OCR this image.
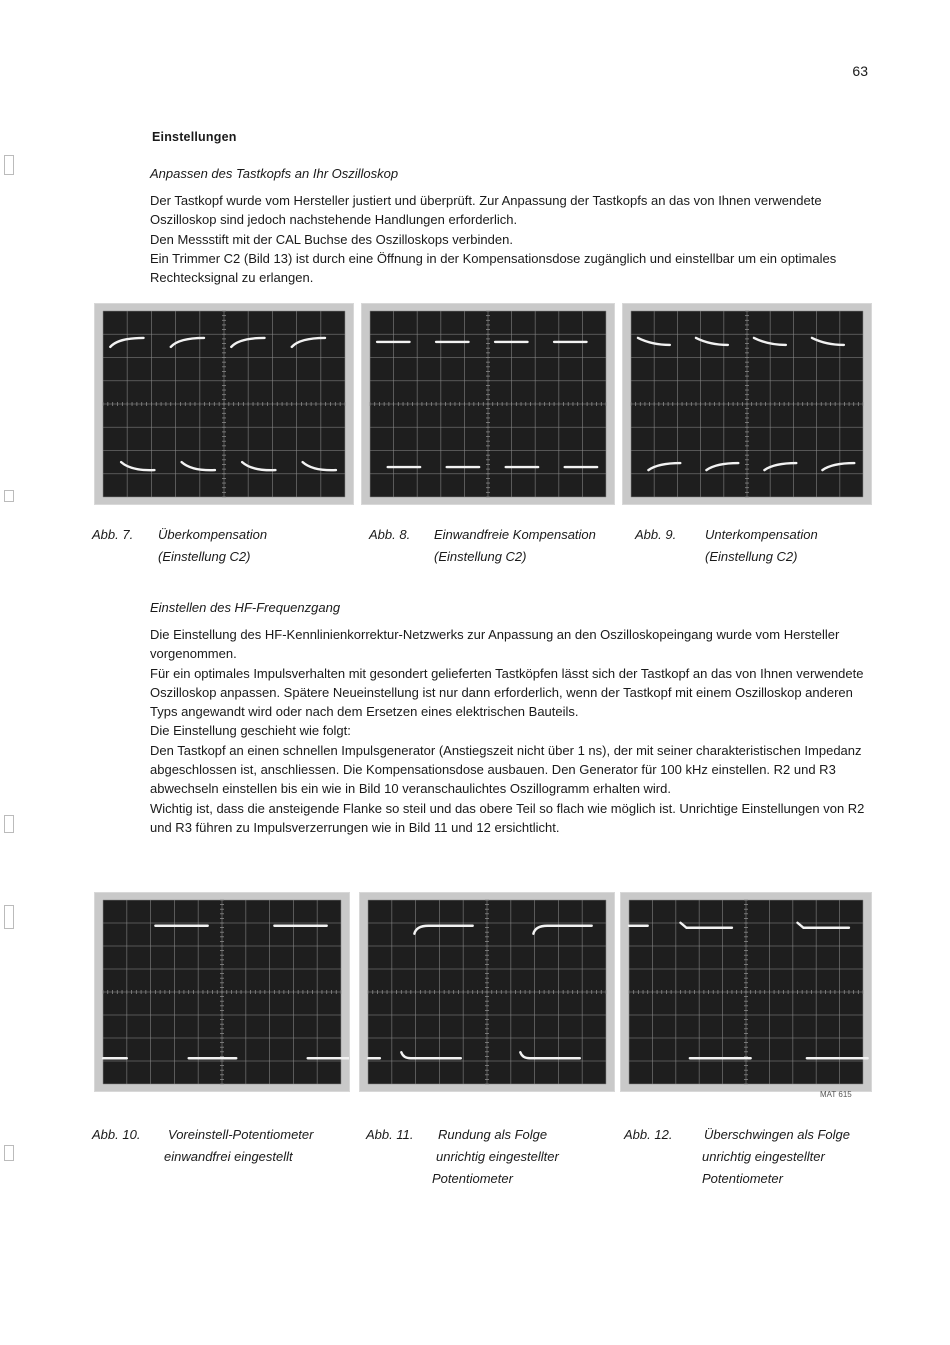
63
Einstellungen
Anpassen des Tastkopfs an Ihr Oszilloskop

Der Tastkopf wurde vom Hersteller justiert und überprüft. Zur Anpassung der Tastkopfs an das von Ihnen verwendete Oszilloskop sind jedoch nachstehende Handlungen erforderlich.

Den Messstift mit der CAL Buchse des Oszilloskops verbinden.

Ein Trimmer C2 (Bild 13) ist durch eine Öffnung in der Kompensationsdose zugänglich und einstellbar um ein optimales Rechtecksignal zu erlangen.

Abb. 7. Überkompensation
(Einstellung C2)
Abb. 8. Einwandfreie Kompensation
(Einstellung C2)
Abb. 9. Unterkompensation
(Einstellung C2)
Einstellen des HF-Frequenzgang

Die Einstellung des HF-Kennlinienkorrektur-Netzwerks zur Anpassung an den Oszilloskopeingang wurde vom Hersteller vorgenommen.

Für ein optimales Impulsverhalten mit gesondert gelieferten Tastköpfen lässt sich der Tastkopf an das von Ihnen verwendete Oszilloskop anpassen. Spätere Neueinstellung ist nur dann erforderlich, wenn der Tastkopf mit einem Oszilloskop anderen Typs angewandt wird oder nach dem Ersetzen eines elektrischen Bauteils.

Die Einstellung geschieht wie folgt:

Den Tastkopf an einen schnellen Impulsgenerator (Anstiegszeit nicht über 1 ns), der mit seiner charakteristischen Impedanz abgeschlossen ist, anschliessen. Die Kompensationsdose ausbauen. Den Generator für 100 kHz einstellen. R2 und R3 abwechseln einstellen bis ein wie in Bild 10 veranschaulichtes Oszillogramm erhalten wird.

Wichtig ist, dass die ansteigende Flanke so steil und das obere Teil so flach wie möglich ist. Unrichtige Einstellungen von R2 und R3 führen zu Impulsverzerrungen wie in Bild 11 und 12 ersichtlicht.

MAT 615
Abb. 10. Voreinstell-Potentiometer
einwandfrei eingestellt
Abb. 11. Rundung als Folge
unrichtig eingestellter
Potentiometer
Abb. 12. Überschwingen als Folge
unrichtig eingestellter
Potentiometer
